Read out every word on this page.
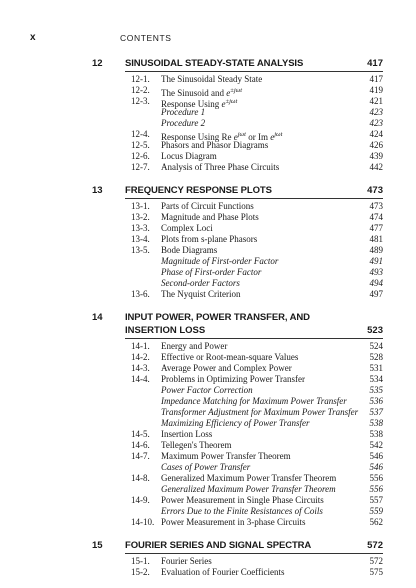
x	CONTENTS
12 SINUSOIDAL STEADY-STATE ANALYSIS	417
12-1. The Sinusoidal Steady State	417
12-2. The Sinusoid and $e^{\pm j\omega t}$	419
12-3. Response Using $e^{\pm j\omega t}$	421
Procedure 1	423
Procedure 2	423
12-4. Response Using Re $e^{j\omega t}$ or Im $e^{j\omega t}$	424
12-5. Phasors and Phasor Diagrams	426
12-6. Locus Diagram	439
12-7. Analysis of Three Phase Circuits	442
13 FREQUENCY RESPONSE PLOTS	473
13-1. Parts of Circuit Functions	473
13-2. Magnitude and Phase Plots	474
13-3. Complex Loci	477
13-4. Plots from s-plane Phasors	481
13-5. Bode Diagrams	489
Magnitude of First-order Factor	491
Phase of First-order Factor	493
Second-order Factors	494
13-6. The Nyquist Criterion	497
14 INPUT POWER, POWER TRANSFER, AND
INSERTION LOSS	523
14-1. Energy and Power	524
14-2. Effective or Root-mean-square Values	528
14-3. Average Power and Complex Power	531
14-4. Problems in Optimizing Power Transfer	534
Power Factor Correction	535
Impedance Matching for Maximum Power Transfer	536
Transformer Adjustment for Maximum Power Transfer 537
Maximizing Efficiency of Power Transfer	538
14-5. Insertion Loss	538
14-6. Tellegen's Theorem	542
14-7. Maximum Power Transfer Theorem	546
Cases of Power Transfer	546
14-8. Generalized Maximum Power Transfer Theorem	556
Generalized Maximum Power Transfer Theorem	556
14-9. Power Measurement in Single Phase Circuits	557
Errors Due to the Finite Resistances of Coils	559
14-10. Power Measurement in 3-phase Circuits	562
15 FOURIER SERIES AND SIGNAL SPECTRA	572
15-1. Fourier Series	572
15-2. Evaluation of Fourier Coefficients	575
